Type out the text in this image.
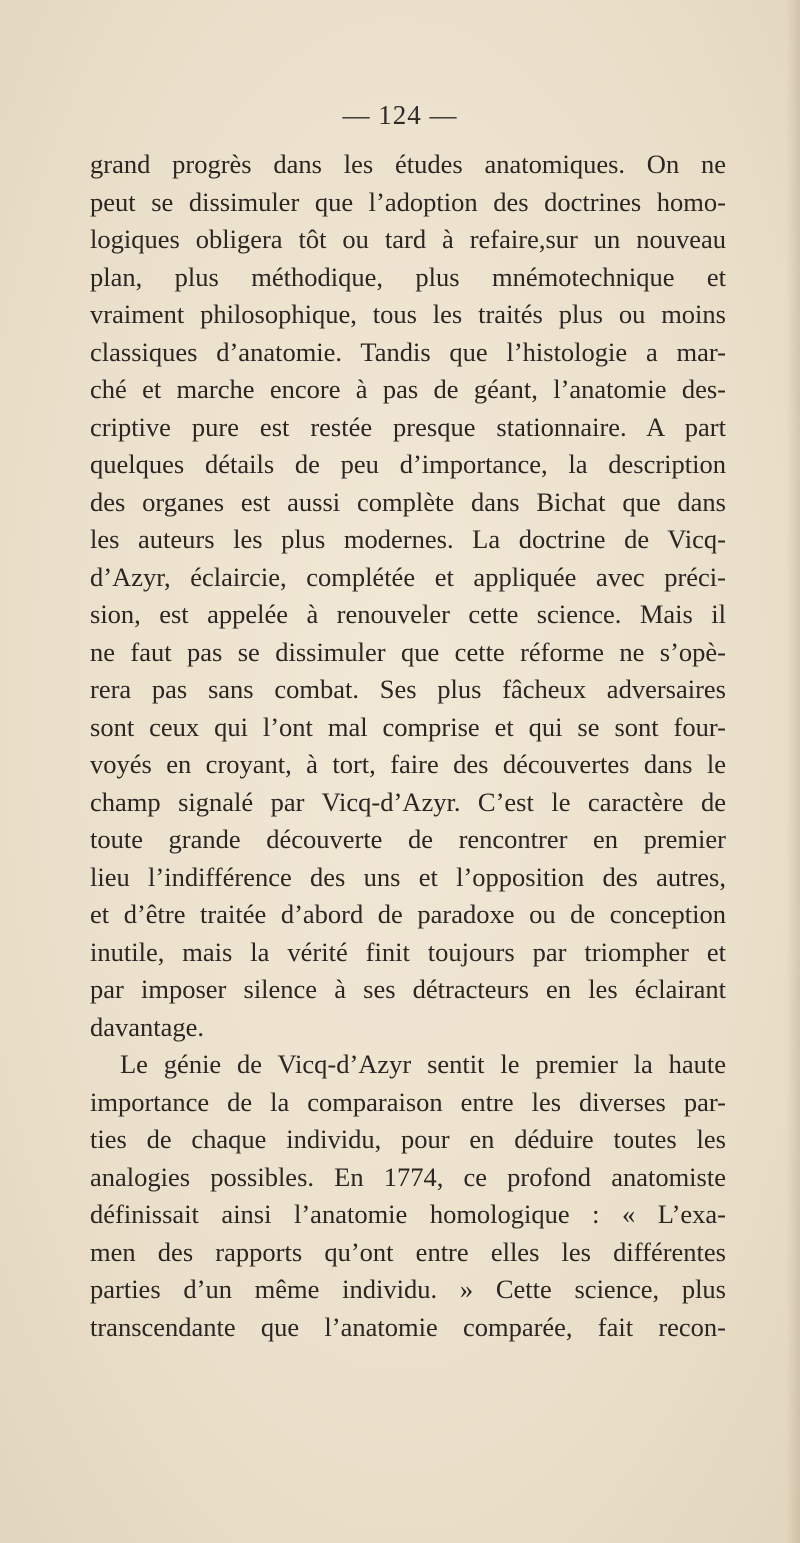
— 124 —
grand progrès dans les études anatomiques. On ne
peut se dissimuler que l’adoption des doctrines homo-
logiques obligera tôt ou tard à refaire,sur un nouveau
plan, plus méthodique, plus mnémotechnique et
vraiment philosophique, tous les traités plus ou moins
classiques d’anatomie. Tandis que l’histologie a mar-
ché et marche encore à pas de géant, l’anatomie des-
criptive pure est restée presque stationnaire. A part
quelques détails de peu d’importance, la description
des organes est aussi complète dans Bichat que dans
les auteurs les plus modernes. La doctrine de Vicq-
d’Azyr, éclaircie, complétée et appliquée avec préci-
sion, est appelée à renouveler cette science. Mais il
ne faut pas se dissimuler que cette réforme ne s’opè-
rera pas sans combat. Ses plus fâcheux adversaires
sont ceux qui l’ont mal comprise et qui se sont four-
voyés en croyant, à tort, faire des découvertes dans le
champ signalé par Vicq-d’Azyr. C’est le caractère de
toute grande découverte de rencontrer en premier
lieu l’indifférence des uns et l’opposition des autres,
et d’être traitée d’abord de paradoxe ou de conception
inutile, mais la vérité finit toujours par triompher et
par imposer silence à ses détracteurs en les éclairant
davantage.
Le génie de Vicq-d’Azyr sentit le premier la haute
importance de la comparaison entre les diverses par-
ties de chaque individu, pour en déduire toutes les
analogies possibles. En 1774, ce profond anatomiste
définissait ainsi l’anatomie homologique : « L’exa-
men des rapports qu’ont entre elles les différentes
parties d’un même individu. » Cette science, plus
transcendante que l’anatomie comparée, fait recon-
